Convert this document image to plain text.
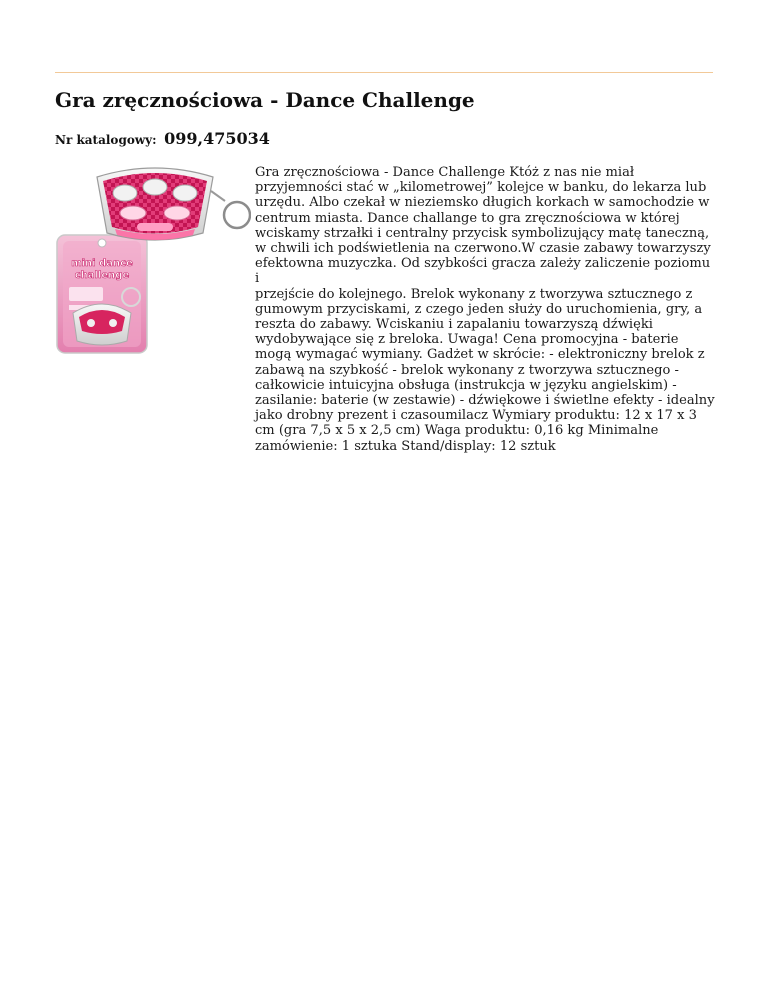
Gra zręcznościowa - Dance Challenge
Nr katalogowy: 099,475034
mini dance
challenge

Gra zręcznościowa - Dance Challenge Któż z nas nie miał
przyjemności stać w „kilometrowej” kolejce w banku, do lekarza lub
urzędu. Albo czekał w nieziemsko długich korkach w samochodzie w
centrum miasta. Dance challange to gra zręcznościowa w której
wciskamy strzałki i centralny przycisk symbolizujący matę taneczną,
w chwili ich podświetlenia na czerwono.W czasie zabawy towarzyszy
efektowna muzyczka. Od szybkości gracza zależy zaliczenie poziomu i
przejście do kolejnego. Brelok wykonany z tworzywa sztucznego z
gumowym przyciskami, z czego jeden służy do uruchomienia, gry, a
reszta do zabawy. Wciskaniu i zapalaniu towarzyszą dźwięki
wydobywające się z breloka. Uwaga! Cena promocyjna - baterie
mogą wymagać wymiany. Gadżet w skrócie: - elektroniczny brelok z
zabawą na szybkość - brelok wykonany z tworzywa sztucznego -
całkowicie intuicyjna obsługa (instrukcja w języku angielskim) -
zasilanie: baterie (w zestawie) - dźwiękowe i świetlne efekty - idealny
jako drobny prezent i czasoumilacz Wymiary produktu: 12 x 17 x 3
cm (gra 7,5 x 5 x 2,5 cm) Waga produktu: 0,16 kg Minimalne
zamówienie: 1 sztuka Stand/display: 12 sztuk
